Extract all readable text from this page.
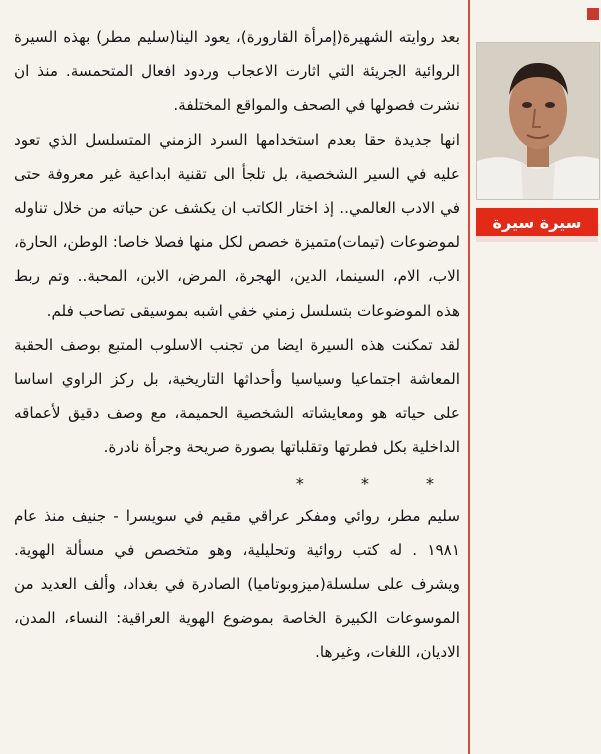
سيرة سيرة

بعد روايته الشهيرة(إمرأة القارورة)، يعود الينا(سليم مطر) بهذه السيرة الروائية الجريئة التي اثارت الاعجاب وردود افعال المتحمسة. منذ ان نشرت فصولها في الصحف والمواقع المختلفة.

انها جديدة حقا بعدم استخدامها السرد الزمني المتسلسل الذي تعود عليه في السير الشخصية، بل تلجأ الى تقنية ابداعية غير معروفة حتى في الادب العالمي.. إذ اختار الكاتب ان يكشف عن حياته من خلال تناوله لموضوعات (تيمات)متميزة خصص لكل منها فصلا خاصا: الوطن، الحارة، الاب، الام، السينما، الدين، الهجرة، المرض، الابن، المحبة.. وتم ربط هذه الموضوعات بتسلسل زمني خفي اشبه بموسيقى تصاحب فلم.

لقد تمكنت هذه السيرة ايضا من تجنب الاسلوب المتبع بوصف الحقبة المعاشة اجتماعيا وسياسيا وأحداثها التاريخية، بل ركز الراوي اساسا على حياته هو ومعايشاته الشخصية الحميمة، مع وصف دقيق لأعماقه الداخلية بكل فطرتها وتقلباتها بصورة صريحة وجرأة نادرة.

* * *

سليم مطر، روائي ومفكر عراقي مقيم في سويسرا - جنيف منذ عام ١٩٨١ . له كتب روائية وتحليلية، وهو متخصص في مسألة الهوية. ويشرف على سلسلة(ميزوبوتاميا) الصادرة في بغداد، وألف العديد من الموسوعات الكبيرة الخاصة بموضوع الهوية العراقية: النساء، المدن، الاديان، اللغات، وغيرها.
